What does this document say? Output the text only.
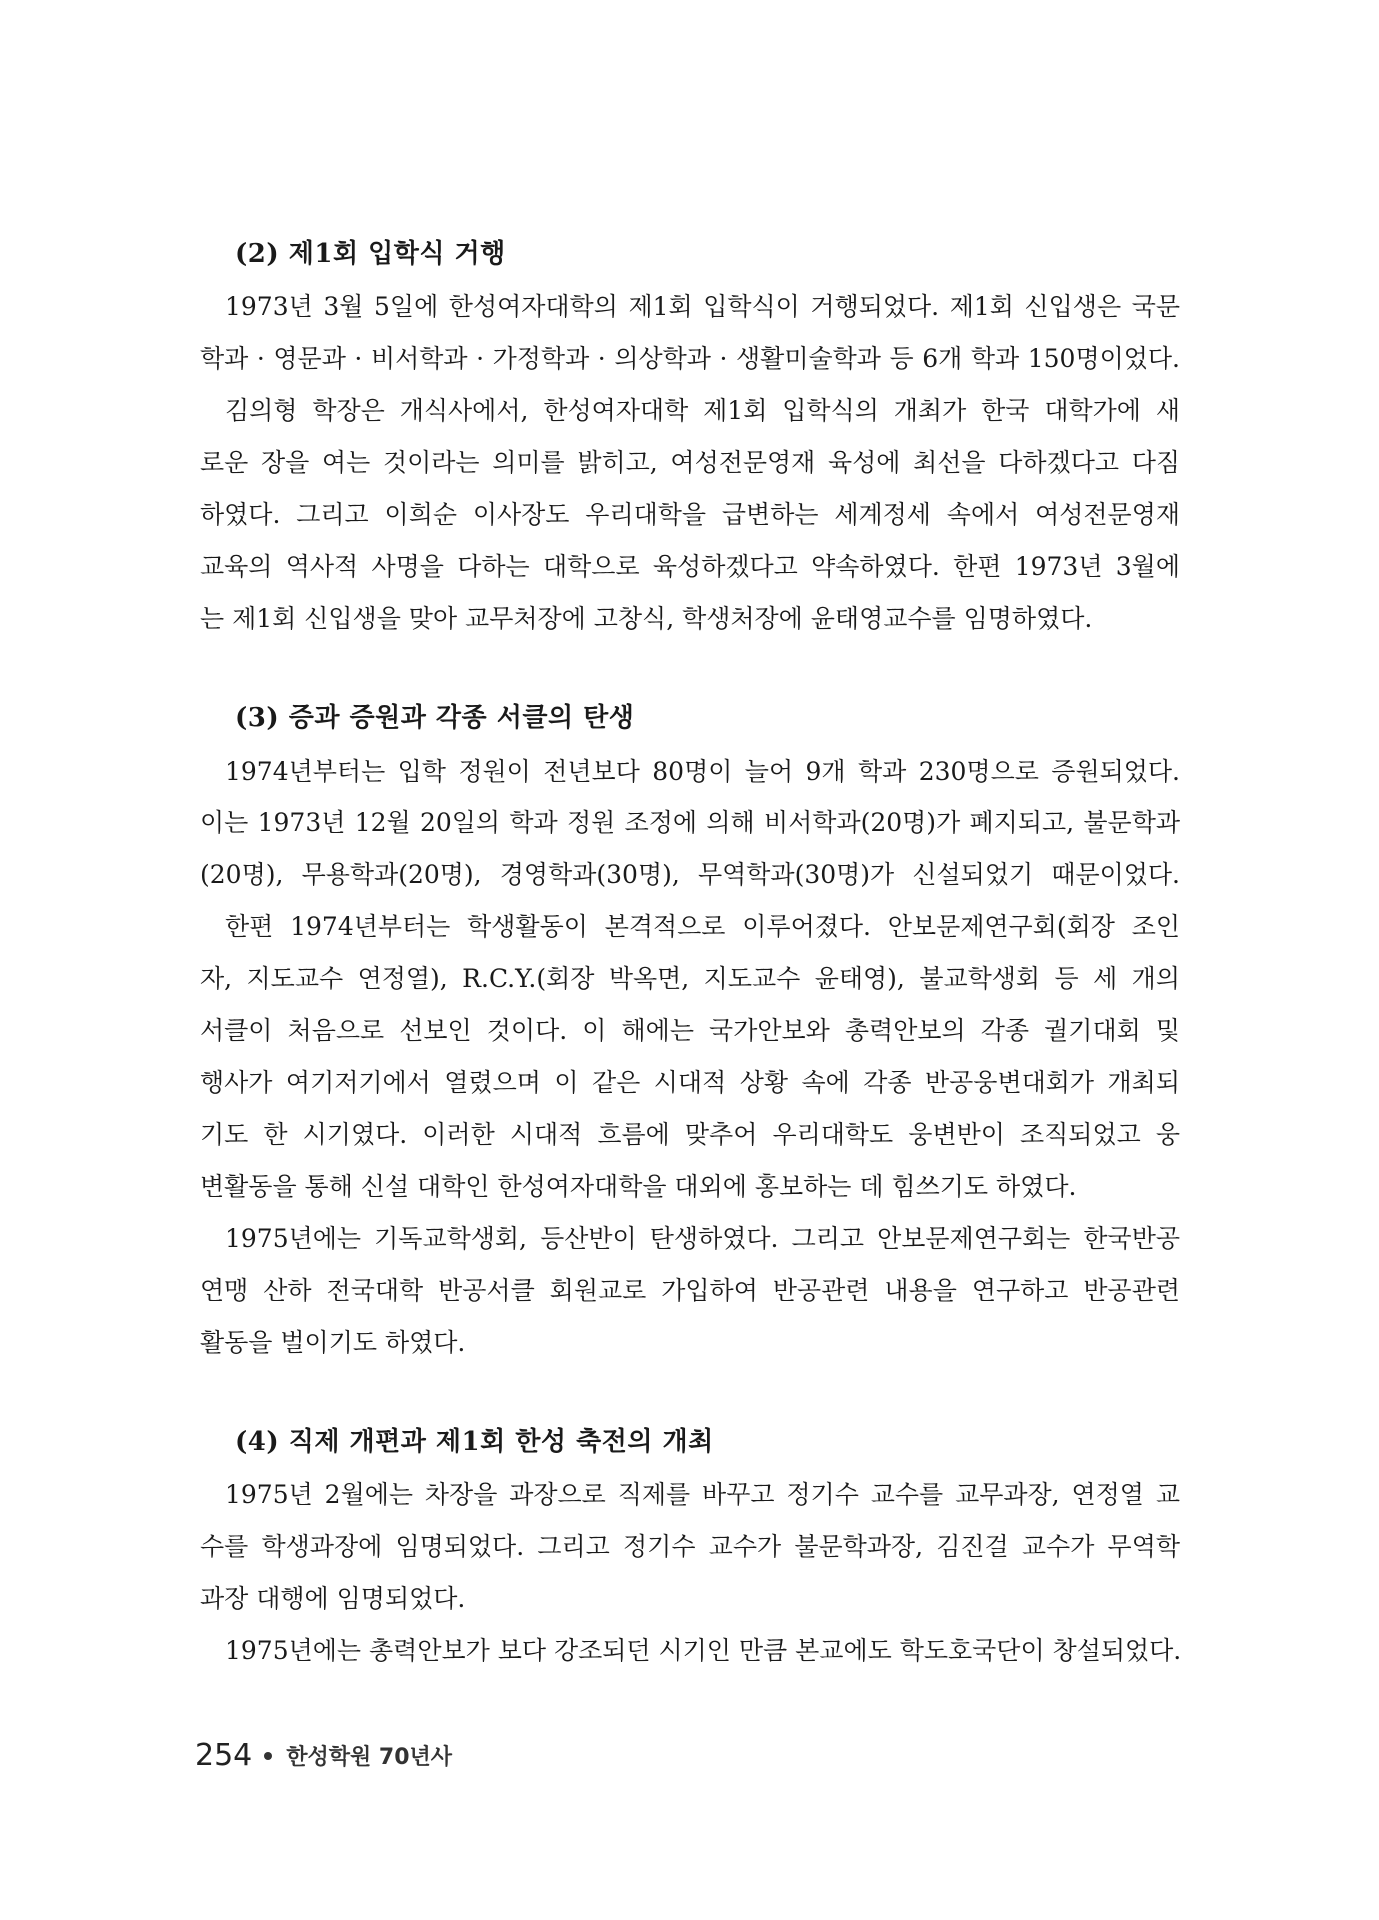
(2) 제1회 입학식 거행
1973년 3월 5일에 한성여자대학의 제1회 입학식이 거행되었다. 제1회 신입생은 국문
학과 · 영문과 · 비서학과 · 가정학과 · 의상학과 · 생활미술학과 등 6개 학과 150명이었다.
김의형 학장은 개식사에서, 한성여자대학 제1회 입학식의 개최가 한국 대학가에 새
로운 장을 여는 것이라는 의미를 밝히고, 여성전문영재 육성에 최선을 다하겠다고 다짐
하였다. 그리고 이희순 이사장도 우리대학을 급변하는 세계정세 속에서 여성전문영재
교육의 역사적 사명을 다하는 대학으로 육성하겠다고 약속하였다. 한편 1973년 3월에
는 제1회 신입생을 맞아 교무처장에 고창식, 학생처장에 윤태영교수를 임명하였다.
(3) 증과 증원과 각종 서클의 탄생
1974년부터는 입학 정원이 전년보다 80명이 늘어 9개 학과 230명으로 증원되었다.
이는 1973년 12월 20일의 학과 정원 조정에 의해 비서학과(20명)가 폐지되고, 불문학과
(20명), 무용학과(20명), 경영학과(30명), 무역학과(30명)가 신설되었기 때문이었다.
한편 1974년부터는 학생활동이 본격적으로 이루어졌다. 안보문제연구회(회장 조인
자, 지도교수 연정열), R.C.Y.(회장 박옥면, 지도교수 윤태영), 불교학생회 등 세 개의
서클이 처음으로 선보인 것이다. 이 해에는 국가안보와 총력안보의 각종 궐기대회 및
행사가 여기저기에서 열렸으며 이 같은 시대적 상황 속에 각종 반공웅변대회가 개최되
기도 한 시기였다. 이러한 시대적 흐름에 맞추어 우리대학도 웅변반이 조직되었고 웅
변활동을 통해 신설 대학인 한성여자대학을 대외에 홍보하는 데 힘쓰기도 하였다.
1975년에는 기독교학생회, 등산반이 탄생하였다. 그리고 안보문제연구회는 한국반공
연맹 산하 전국대학 반공서클 회원교로 가입하여 반공관련 내용을 연구하고 반공관련
활동을 벌이기도 하였다.
(4) 직제 개편과 제1회 한성 축전의 개최
1975년 2월에는 차장을 과장으로 직제를 바꾸고 정기수 교수를 교무과장, 연정열 교
수를 학생과장에 임명되었다. 그리고 정기수 교수가 불문학과장, 김진걸 교수가 무역학
과장 대행에 임명되었다.
1975년에는 총력안보가 보다 강조되던 시기인 만큼 본교에도 학도호국단이 창설되었다.
254 한성학원 70년사
